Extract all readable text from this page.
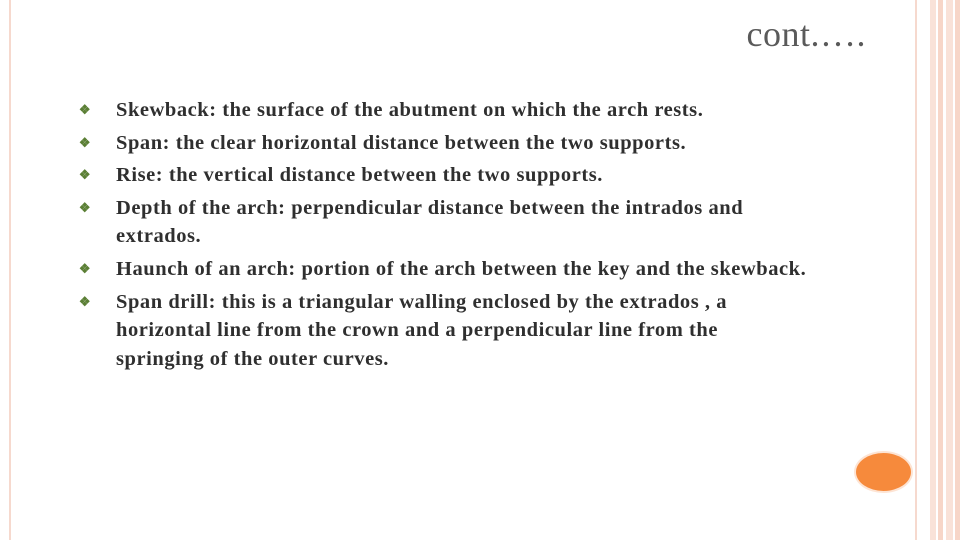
cont.….
❖ Skewback: the surface of the abutment on which the arch rests.
❖ Span: the clear horizontal distance between the two supports.
❖ Rise: the vertical distance between the two supports.
❖ Depth of the arch: perpendicular distance between the intrados and extrados.
❖ Haunch of an arch: portion of the arch between the key and the skewback.
❖ Span drill: this is a triangular walling enclosed by the extrados , a horizontal line from the crown and a perpendicular line from the springing of the outer curves.
